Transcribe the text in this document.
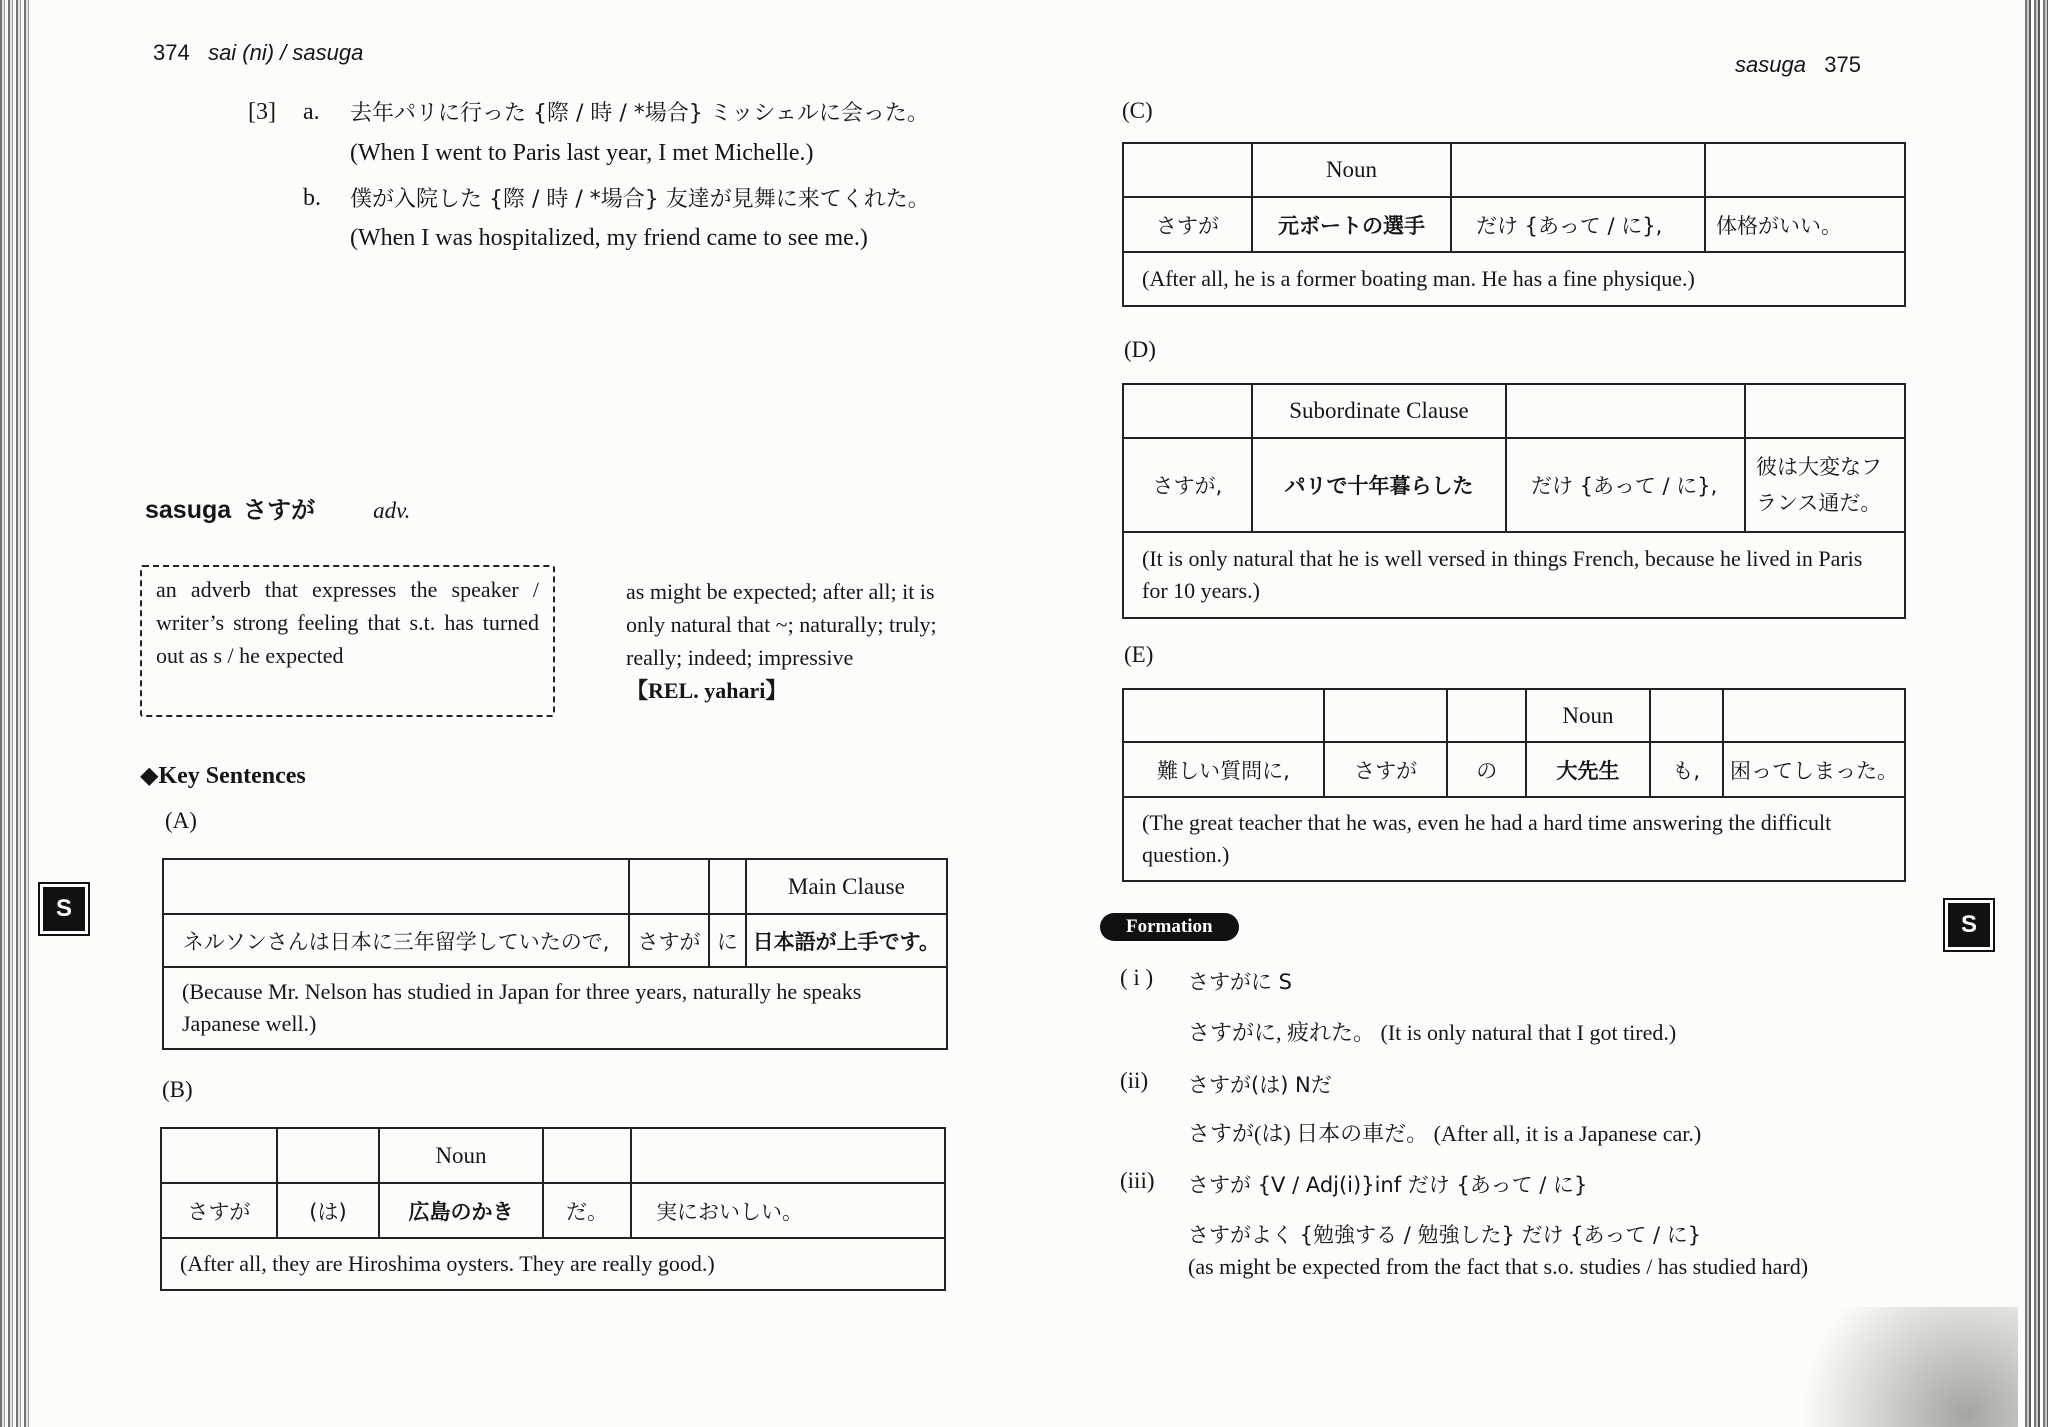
374 sai (ni) / sasuga
[3] a. 去年パリに行った {際 / 時 / *場合} ミッシェルに会った。
(When I went to Paris last year, I met Michelle.)
b. 僕が入院した {際 / 時 / *場合} 友達が見舞に来てくれた。
(When I was hospitalized, my friend came to see me.)
sasuga さすが	adv.
an adverb that expresses the speaker / writer’s strong feeling that s.t. has turned out as s / he expected
as might be expected; after all; it is only natural that ~; naturally; truly; really; indeed; impressive
【REL. yahari】
◆Key Sentences
(A)
			Main Clause
ネルソンさんは日本に三年留学していたので,	さすが	に	日本語が上手です。
(Because Mr. Nelson has studied in Japan for three years, naturally he speaks Japanese well.)			
(B)
		Noun		
さすが	(は)	広島のかき	だ。	実においしい。
(After all, they are Hiroshima oysters. They are really good.)				
S
sasuga 375
(C)
	Noun		
さすが	元ボートの選手	だけ {あって / に},	体格がいい。
(After all, he is a former boating man. He has a fine physique.)			
(D)
	Subordinate Clause		
さすが,	パリで十年暮らした	だけ {あって / に},	彼は大変なフランス通だ。
(It is only natural that he is well versed in things French, because he lived in Paris for 10 years.)			
(E)
			Noun		
難しい質問に,	さすが	の	大先生	も,	困ってしまった。
(The great teacher that he was, even he had a hard time answering the difficult question.)					
Formation
( i ) さすがに S
さすがに, 疲れた。 (It is only natural that I got tired.)
(ii) さすが(は) Nだ
さすが(は) 日本の車だ。 (After all, it is a Japanese car.)
(iii) さすが {V / Adj(i)}inf だけ {あって / に}
さすがよく {勉強する / 勉強した} だけ {あって / に}
(as might be expected from the fact that s.o. studies / has studied hard)
S
